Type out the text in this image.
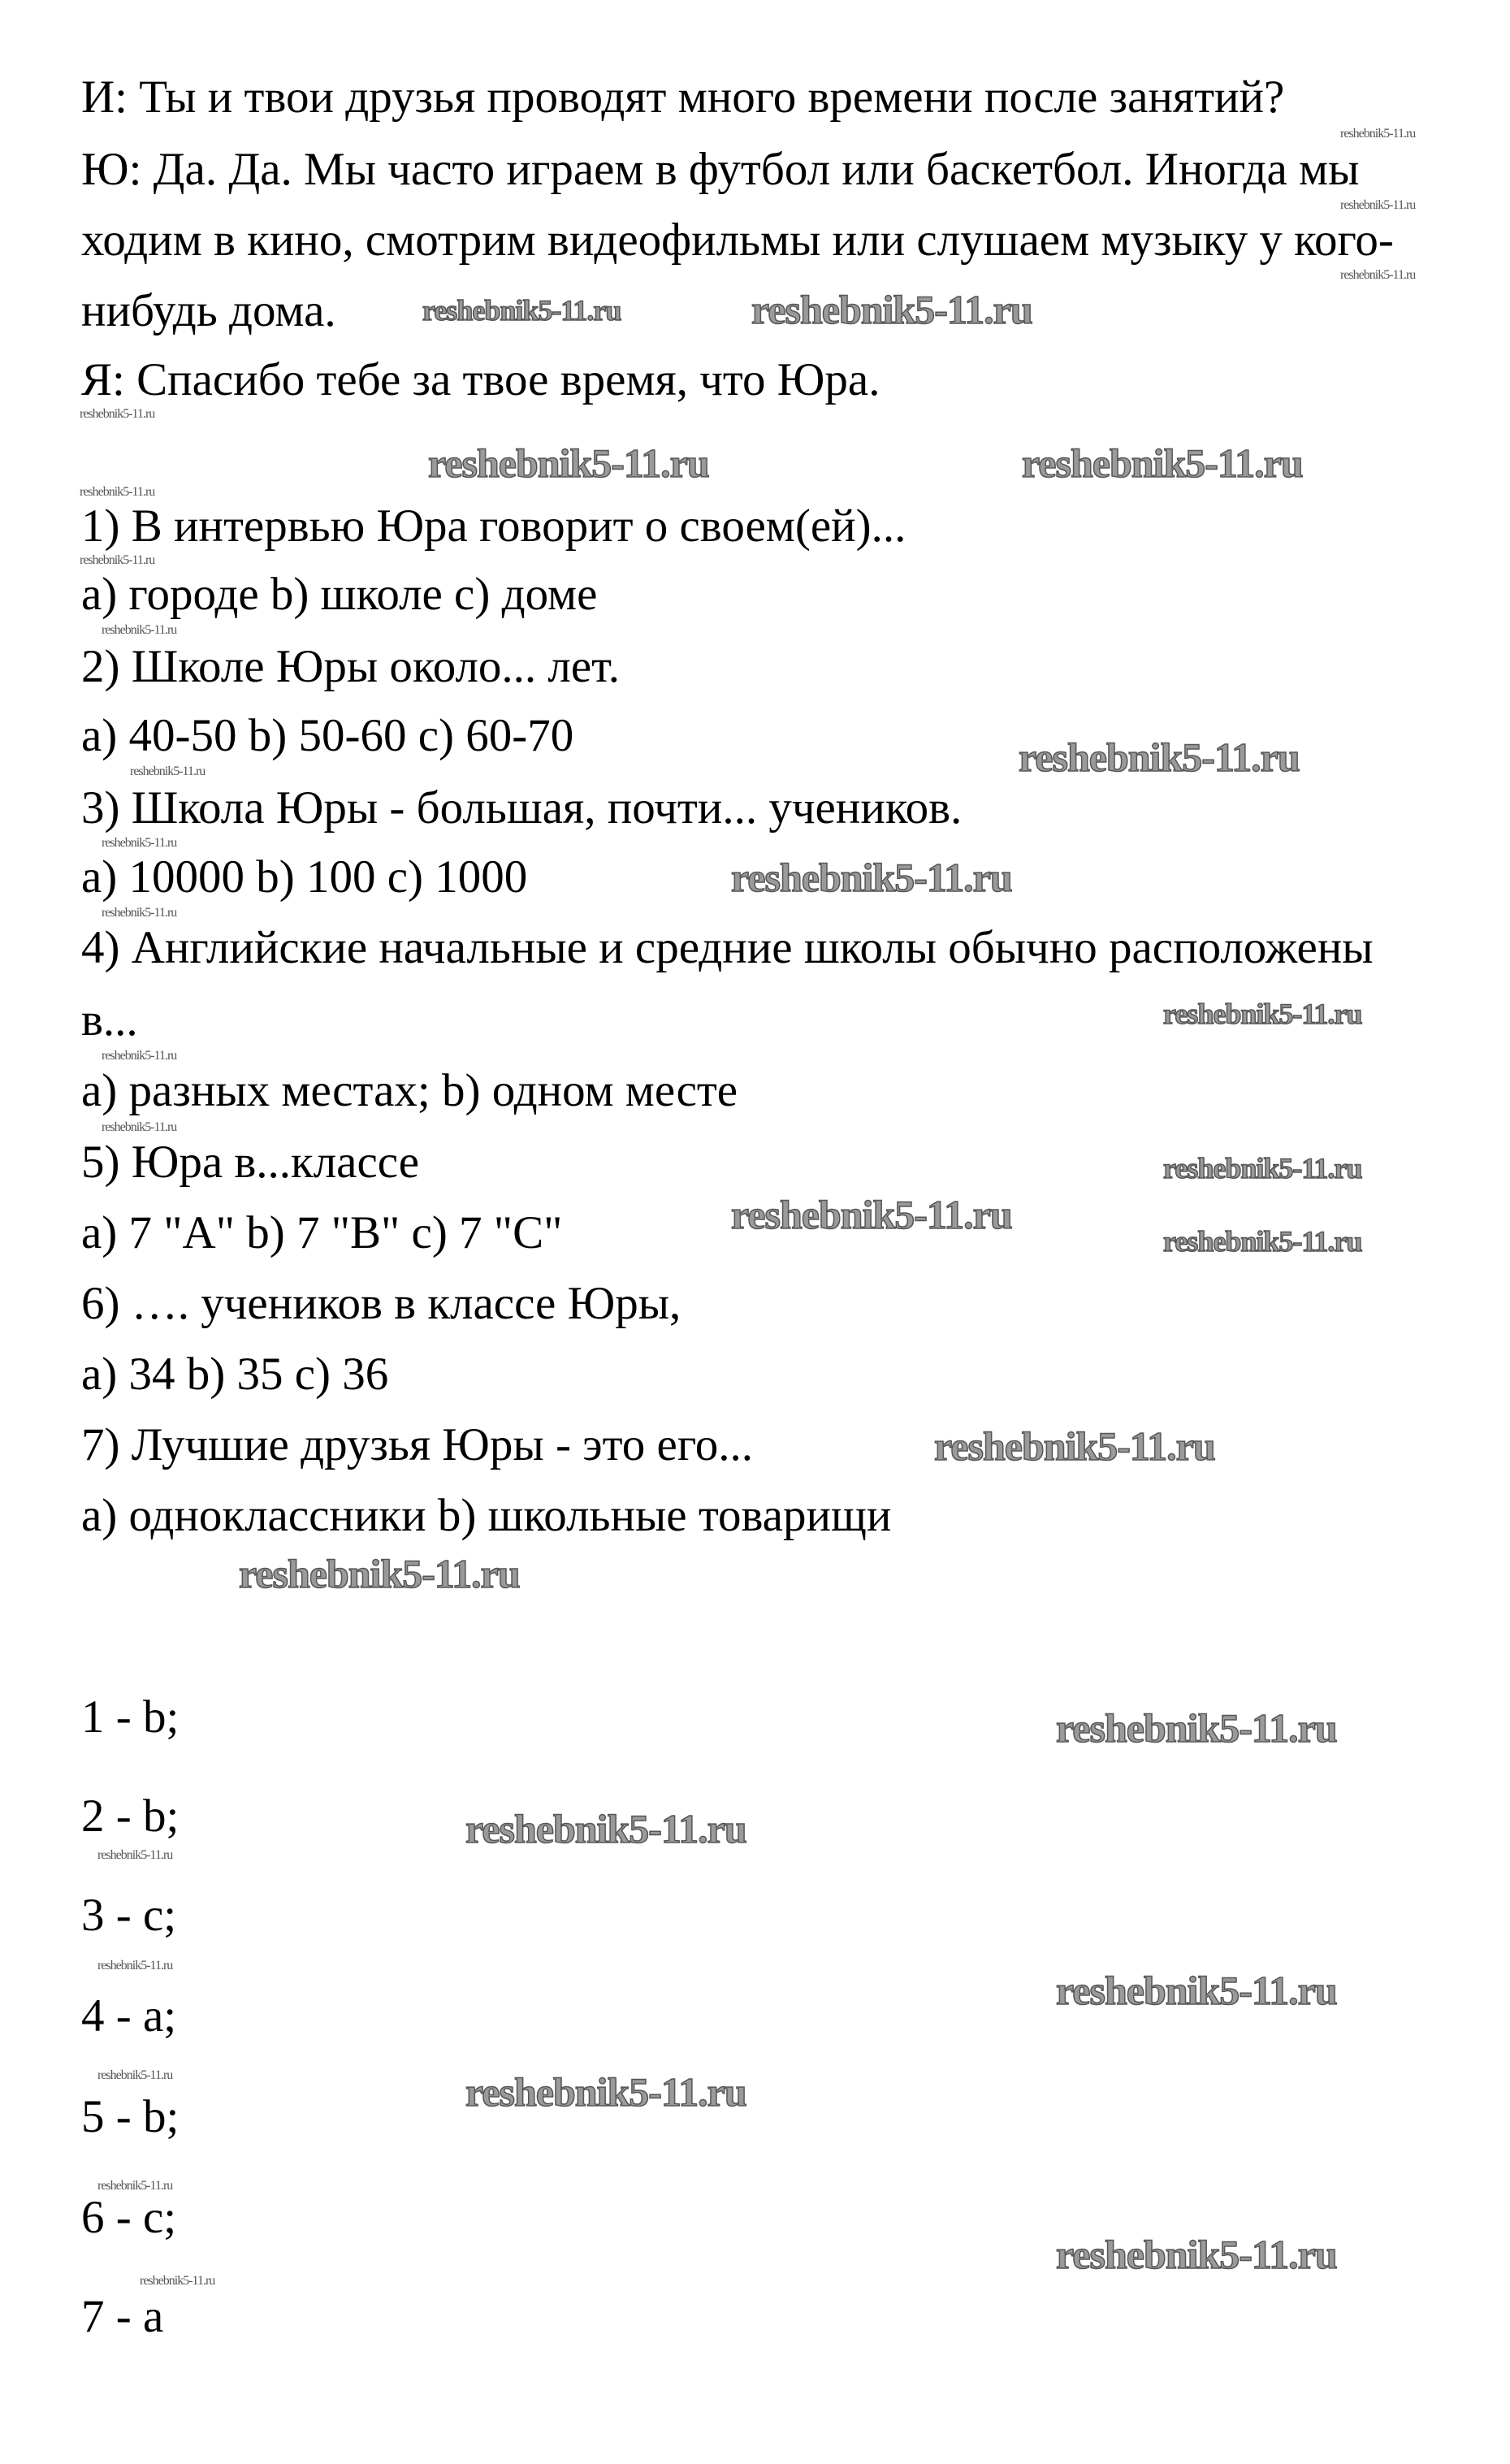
И: Ты и твои друзья проводят много времени после занятий?
Ю: Да. Да. Мы часто играем в футбол или баскетбол. Иногда мы
ходим в кино, смотрим видеофильмы или слушаем музыку у кого-
нибудь дома.
Я: Спасибо тебе за твое время, что Юра.
1) В интервью Юра говорит о своем(ей)...
a) городе b) школе c) доме
2) Школе Юры около... лет.
a) 40-50 b) 50-60 c) 60-70
3) Школа Юры - большая, почти... учеников.
a) 10000 b) 100 c) 1000
4) Английские начальные и средние школы обычно расположены
в...
a) разных местах; b) одном месте
5) Юра в...классе
a) 7 "A" b) 7 "B" c) 7 "C"
6) …. учеников в классе Юры,
a) 34 b) 35 c) 36
7) Лучшие друзья Юры - это его...
a) одноклассники b) школьные товарищи
1 - b;
2 - b;
3 - c;
4 - a;
5 - b;
6 - c;
7 - a
reshebnik5-11.ru
reshebnik5-11.ru	reshebnik5-11.ru
reshebnik5-11.ru
reshebnik5-11.ru
reshebnik5-11.ru
reshebnik5-11.ru
reshebnik5-11.ru
reshebnik5-11.ru
reshebnik5-11.ru
reshebnik5-11.ru
reshebnik5-11.ru
reshebnik5-11.ru
reshebnik5-11.ru
reshebnik5-11.ru
reshebnik5-11.ru
reshebnik5-11.ru
reshebnik5-11.ru
reshebnik5-11.ru
reshebnik5-11.ru
reshebnik5-11.ru
reshebnik5-11.ru
reshebnik5-11.ru
reshebnik5-11.ru
reshebnik5-11.ru
reshebnik5-11.ru
reshebnik5-11.ru
reshebnik5-11.ru
reshebnik5-11.ru
reshebnik5-11.ru
reshebnik5-11.ru
reshebnik5-11.ru
reshebnik5-11.ru
reshebnik5-11.ru
